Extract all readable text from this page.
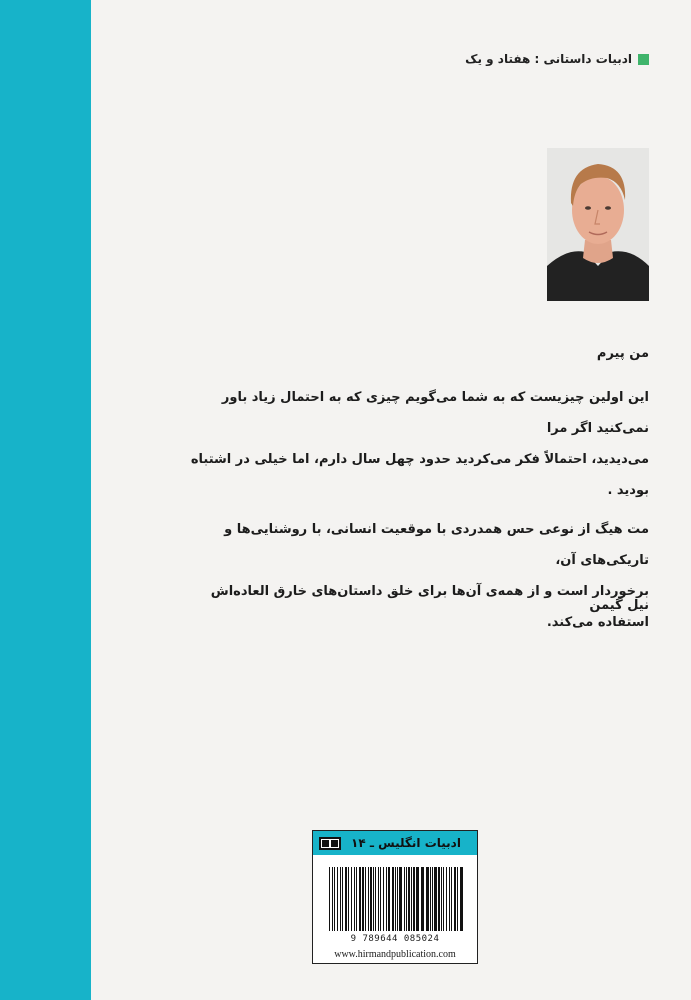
ادبیات داستانی : هفتاد و یک
من پیرم

این اولین چیزیست که به شما می‌گویم چیزی که به احتمال زیاد باور نمی‌کنید اگر مرا
می‌دیدید، احتمالاً فکر می‌کردید حدود چهل سال دارم، اما خیلی در اشتباه بودید .

مت هیگ از نوعی حس همدردی با موقعیت انسانی، با روشنایی‌ها و تاریکی‌های آن،
برخوردار است و از همه‌ی آن‌ها برای خلق داستان‌های خارق العاده‌اش استفاده می‌کند.

نیل گیمن
ادبیات انگلیس ـ ۱۴
9 789644 085024
www.hirmandpublication.com
